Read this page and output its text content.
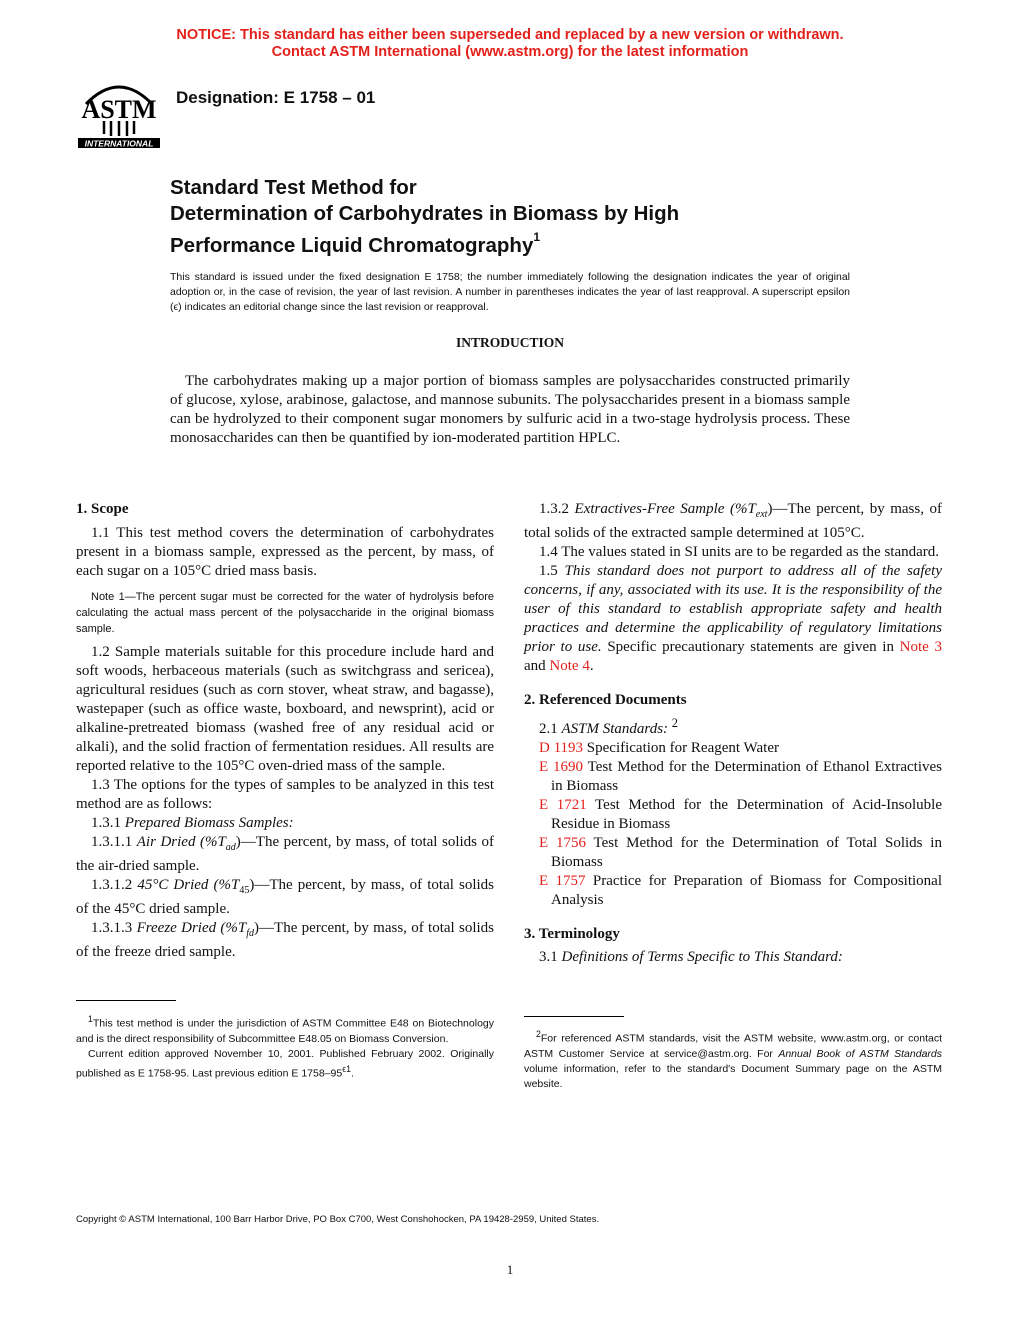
NOTICE: This standard has either been superseded and replaced by a new version or withdrawn.
Contact ASTM International (www.astm.org) for the latest information
ASTM
INTERNATIONAL
Designation: E 1758 – 01
Standard Test Method for
Determination of Carbohydrates in Biomass by High
Performance Liquid Chromatography$^1$
This standard is issued under the fixed designation E 1758; the number immediately following the designation indicates the year of original adoption or, in the case of revision, the year of last revision. A number in parentheses indicates the year of last reapproval. A superscript epsilon (ϵ) indicates an editorial change since the last revision or reapproval.
INTRODUCTION
The carbohydrates making up a major portion of biomass samples are polysaccharides constructed primarily of glucose, xylose, arabinose, galactose, and mannose subunits. The polysaccharides present in a biomass sample can be hydrolyzed to their component sugar monomers by sulfuric acid in a two-stage hydrolysis process. These monosaccharides can then be quantified by ion-moderated partition HPLC.

1. Scope

1.1 This test method covers the determination of carbohydrates present in a biomass sample, expressed as the percent, by mass, of each sugar on a 105°C dried mass basis.

Note 1—The percent sugar must be corrected for the water of hydrolysis before calculating the actual mass percent of the polysaccharide in the original biomass sample.

1.2 Sample materials suitable for this procedure include hard and soft woods, herbaceous materials (such as switchgrass and sericea), agricultural residues (such as corn stover, wheat straw, and bagasse), wastepaper (such as office waste, boxboard, and newsprint), acid or alkaline-pretreated biomass (washed free of any residual acid or alkali), and the solid fraction of fermentation residues. All results are reported relative to the 105°C oven-dried mass of the sample.

1.3 The options for the types of samples to be analyzed in this test method are as follows:

1.3.1 Prepared Biomass Samples:

1.3.1.1 Air Dried $(\%T_{ad})—The$ percent, by mass, of total solids of the air-dried sample.

1.3.1.2 45°C Dried $(\%T_{45})—The$ percent, by mass, of total solids of the 45°C dried sample.

1.3.1.3 Freeze Dried $(\%T_{fd})—The$ percent, by mass, of total solids of the freeze dried sample.

$^1$This test method is under the jurisdiction of ASTM Committee E48 on Biotechnology and is the direct responsibility of Subcommittee E48.05 on Biomass Conversion.
Current edition approved November 10, 2001. Published February 2002. Originally published as E 1758-95. Last previous edition E $1758-95^{\epsilon 1}$.

1.3.2 Extractives-Free Sample $(\%T_{ext})—The$ percent, by mass, of total solids of the extracted sample determined at 105°C.

1.4 The values stated in SI units are to be regarded as the standard.

1.5 This standard does not purport to address all of the safety concerns, if any, associated with its use. It is the responsibility of the user of this standard to establish appropriate safety and health practices and determine the applicability of regulatory limitations prior to use. Specific precautionary statements are given in Note 3 and Note 4.

2. Referenced Documents

2.1 ASTM Standards: $^2$

D 1193 Specification for Reagent Water

E 1690 Test Method for the Determination of Ethanol Extractives in Biomass

E 1721 Test Method for the Determination of Acid-Insoluble Residue in Biomass

E 1756 Test Method for the Determination of Total Solids in Biomass

E 1757 Practice for Preparation of Biomass for Compositional Analysis

3. Terminology

3.1 Definitions of Terms Specific to This Standard:

$^2$For referenced ASTM standards, visit the ASTM website, www.astm.org, or contact ASTM Customer Service at service@astm.org. For Annual Book of ASTM Standards volume information, refer to the standard's Document Summary page on the ASTM website.
Copyright © ASTM International, 100 Barr Harbor Drive, PO Box C700, West Conshohocken, PA 19428-2959, United States.
1
